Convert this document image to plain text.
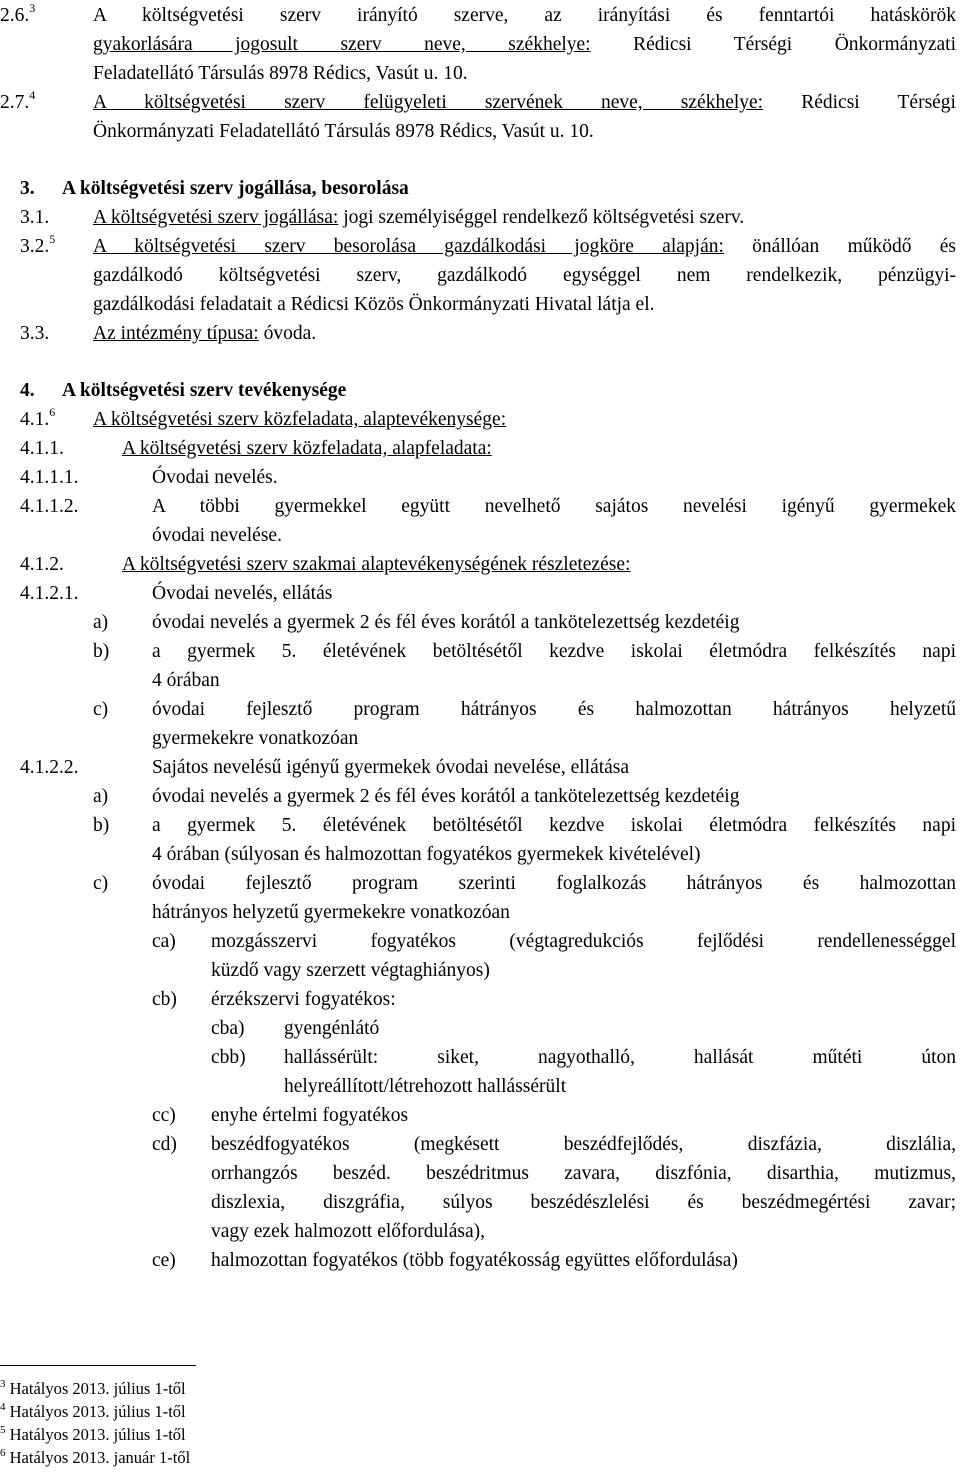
2.6.$^3$	A költségvetési szerv irányító szerve, az irányítási és fenntartói hatáskörök
gyakorlására jogosult szerv neve, székhelye: Rédicsi Térségi Önkormányzati
Feladatellátó Társulás 8978 Rédics, Vasút u. 10.
2.7.$^4$	A költségvetési szerv felügyeleti szervének neve, székhelye: Rédicsi Térségi
Önkormányzati Feladatellátó Társulás 8978 Rédics, Vasút u. 10.
3. A költségvetési szerv jogállása, besorolása
3.1. A költségvetési szerv jogállása: jogi személyiséggel rendelkező költségvetési szerv.
3.2.$^5$ A költségvetési szerv besorolása gazdálkodási jogköre alapján: önállóan működő és
gazdálkodó költségvetési szerv, gazdálkodó egységgel nem rendelkezik, pénzügyi-
gazdálkodási feladatait a Rédicsi Közös Önkormányzati Hivatal látja el.
3.3. Az intézmény típusa: óvoda.
4. A költségvetési szerv tevékenysége
4.1.$^6$ A költségvetési szerv közfeladata, alaptevékenysége:
4.1.1.	A költségvetési szerv közfeladata, alapfeladata:
4.1.1.1.	Óvodai nevelés.
4.1.1.2.	A többi gyermekkel együtt nevelhető sajátos nevelési igényű gyermekek
óvodai nevelése.
4.1.2.	A költségvetési szerv szakmai alaptevékenységének részletezése:
4.1.2.1.	Óvodai nevelés, ellátás
a) óvodai nevelés a gyermek 2 és fél éves korától a tankötelezettség kezdetéig
b) a gyermek 5. életévének betöltésétől kezdve iskolai életmódra felkészítés napi
4 órában
c) óvodai fejlesztő program hátrányos és halmozottan hátrányos helyzetű
gyermekekre vonatkozóan
4.1.2.2.	Sajátos nevelésű igényű gyermekek óvodai nevelése, ellátása
a) óvodai nevelés a gyermek 2 és fél éves korától a tankötelezettség kezdetéig
b) a gyermek 5. életévének betöltésétől kezdve iskolai életmódra felkészítés napi
4 órában (súlyosan és halmozottan fogyatékos gyermekek kivételével)
c) óvodai fejlesztő program szerinti foglalkozás hátrányos és halmozottan
hátrányos helyzetű gyermekekre vonatkozóan
ca) mozgásszervi fogyatékos (végtagredukciós fejlődési rendellenességgel
küzdő vagy szerzett végtaghiányos)
cb) érzékszervi fogyatékos:
cba) gyengénlátó
cbb) hallássérült: siket, nagyothalló, hallását műtéti úton
helyreállított/létrehozott hallássérült
cc) enyhe értelmi fogyatékos
cd) beszédfogyatékos (megkésett beszédfejlődés, diszfázia, diszlália,
orrhangzós beszéd. beszédritmus zavara, diszfónia, disarthia, mutizmus,
diszlexia, diszgráfia, súlyos beszédészlelési és beszédmegértési zavar;
vagy ezek halmozott előfordulása),
ce) halmozottan fogyatékos (több fogyatékosság együttes előfordulása)
$^3$ Hatályos 2013. július 1-től
$^4$ Hatályos 2013. július 1-től
$^5$ Hatályos 2013. július 1-től
$^6$ Hatályos 2013. január 1-től
